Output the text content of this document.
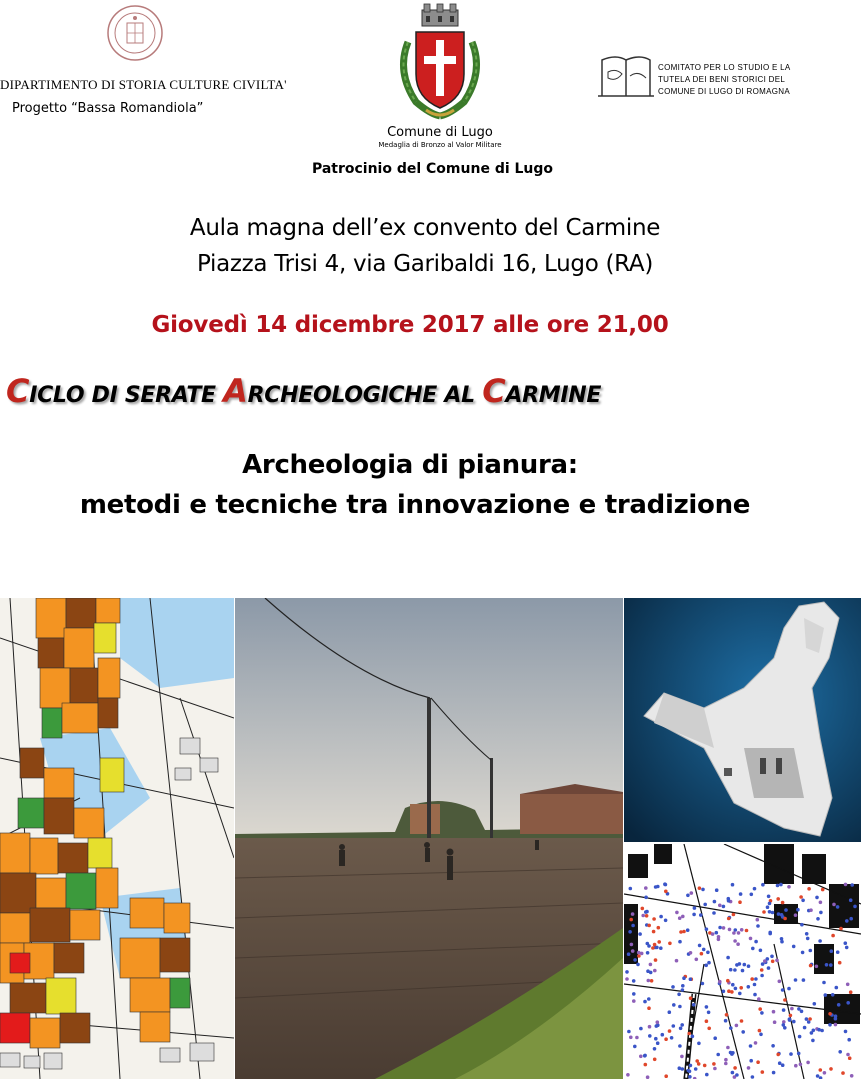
DIPARTIMENTO DI STORIA CULTURE CIVILTA'
Progetto “Bassa Romandiola”
Comune di Lugo
Medaglia di Bronzo al Valor Militare
Patrocinio del Comune di Lugo
COMITATO PER LO STUDIO E LA
TUTELA DEI BENI STORICI DEL
COMUNE DI LUGO DI ROMAGNA
Aula magna dell’ex convento del Carmine
Piazza Trisi 4, via Garibaldi 16, Lugo (RA)
Giovedì 14 dicembre 2017 alle ore 21,00
CICLO DI SERATE ARCHEOLOGICHE AL CARMINE
Archeologia di pianura:
metodi e tecniche tra innovazione e tradizione
